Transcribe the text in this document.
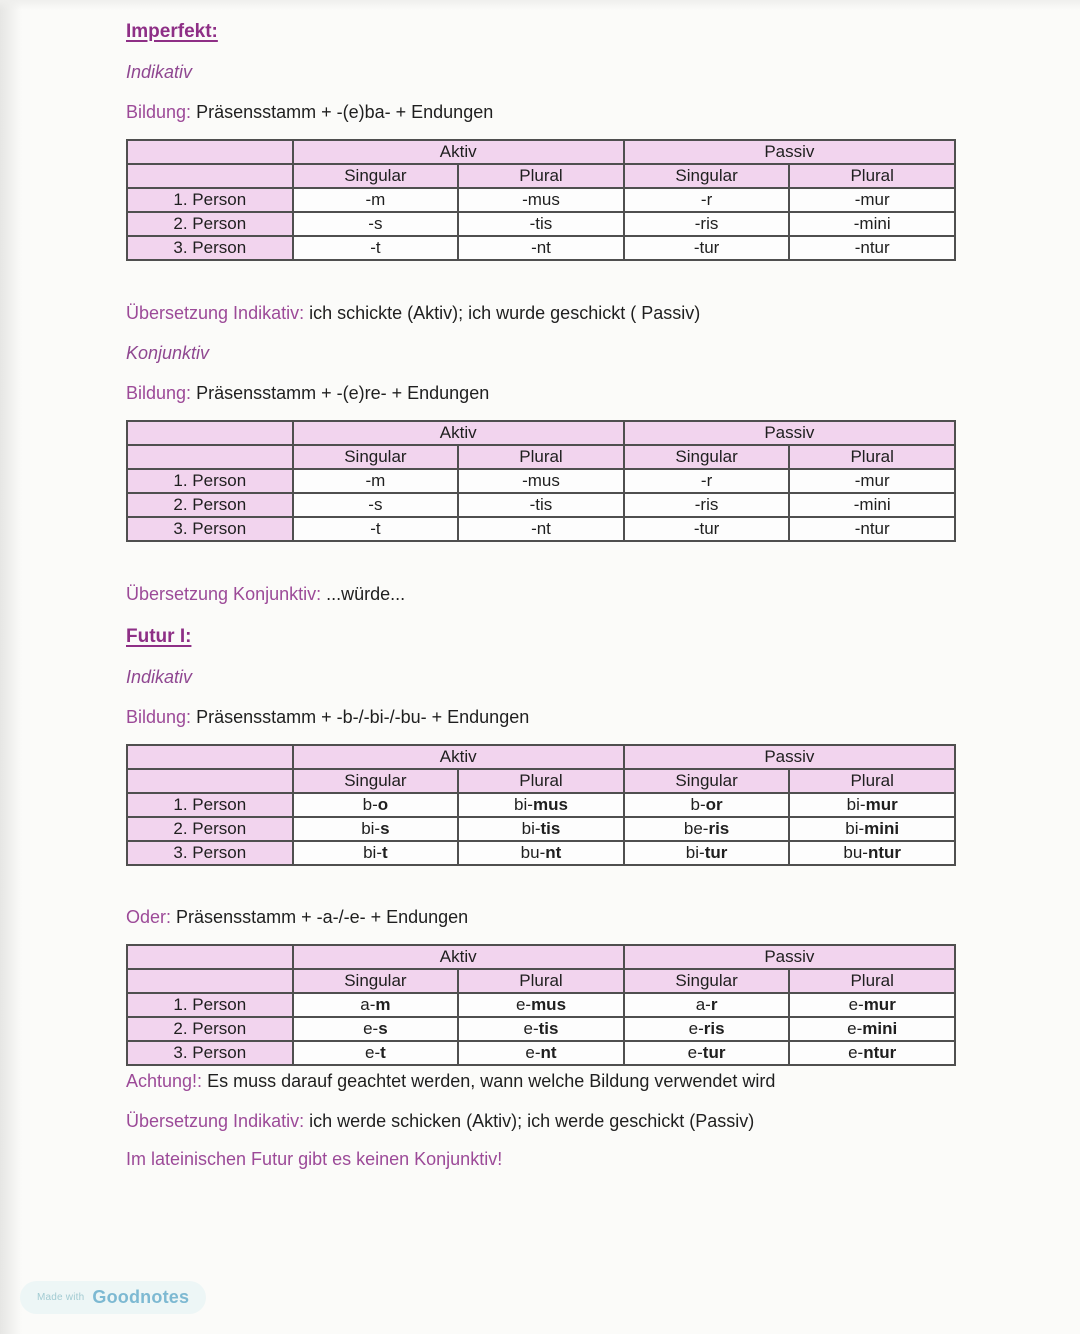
Imperfekt:

Indikativ

Bildung: Präsensstamm + -(e)ba- + Endungen

	Aktiv		Passiv	
	Singular	Plural	Singular	Plural
1. Person	-m	-mus	-r	-mur
2. Person	-s	-tis	-ris	-mini
3. Person	-t	-nt	-tur	-ntur

Übersetzung Indikativ: ich schickte (Aktiv); ich wurde geschickt ( Passiv)

Konjunktiv

Bildung: Präsensstamm + -(e)re- + Endungen

	Aktiv		Passiv	
	Singular	Plural	Singular	Plural
1. Person	-m	-mus	-r	-mur
2. Person	-s	-tis	-ris	-mini
3. Person	-t	-nt	-tur	-ntur

Übersetzung Konjunktiv: ...würde...

Futur I:

Indikativ

Bildung: Präsensstamm + -b-/-bi-/-bu- + Endungen

	Aktiv		Passiv	
	Singular	Plural	Singular	Plural
1. Person	b-o	bi-mus	b-or	bi-mur
2. Person	bi-s	bi-tis	be-ris	bi-mini
3. Person	bi-t	bu-nt	bi-tur	bu-ntur

Oder: Präsensstamm + -a-/-e- + Endungen

	Aktiv		Passiv	
	Singular	Plural	Singular	Plural
1. Person	a-m	e-mus	a-r	e-mur
2. Person	e-s	e-tis	e-ris	e-mini
3. Person	e-t	e-nt	e-tur	e-ntur

Achtung!: Es muss darauf geachtet werden, wann welche Bildung verwendet wird

Übersetzung Indikativ: ich werde schicken (Aktiv); ich werde geschickt (Passiv)

Im lateinischen Futur gibt es keinen Konjunktiv!

Made with Goodnotes
